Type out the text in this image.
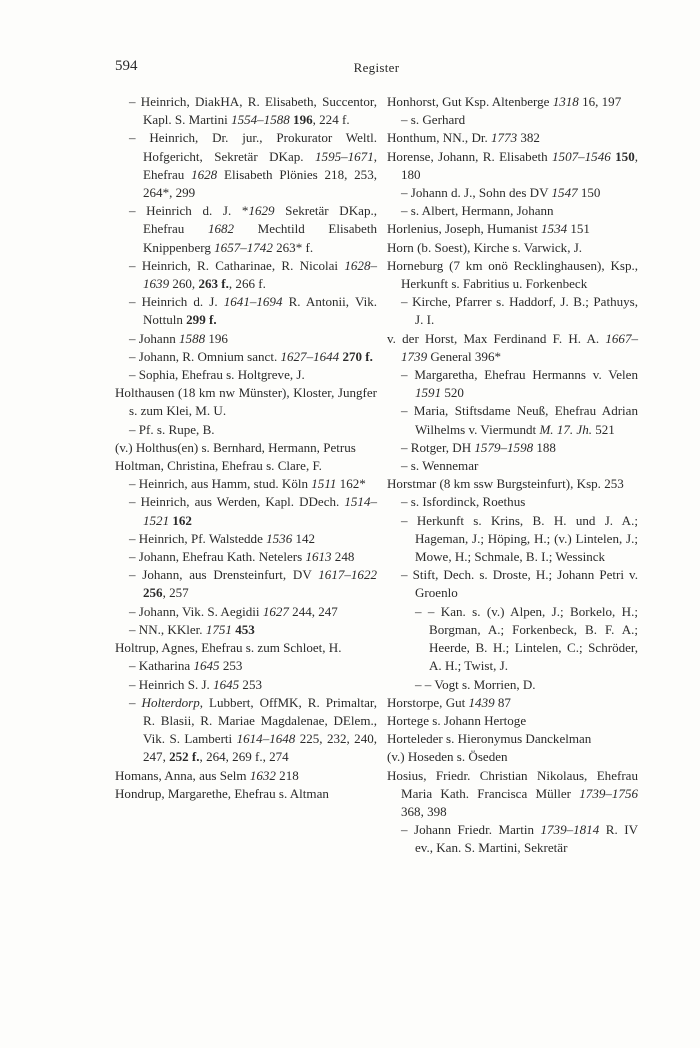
594	Register
– Heinrich, DiakHA, R. Elisabeth, Succentor, Kapl. S. Martini 1554–1588 196, 224 f.
– Heinrich, Dr. jur., Prokurator Weltl. Hofgericht, Sekretär DKap. 1595–1671, Ehefrau 1628 Elisabeth Plönies 218, 253, 264*, 299
– Heinrich d. J. *1629 Sekretär DKap., Ehefrau 1682 Mechtild Elisabeth Knippenberg 1657–1742 263* f.
– Heinrich, R. Catharinae, R. Nicolai 1628–1639 260, 263 f., 266 f.
– Heinrich d. J. 1641–1694 R. Antonii, Vik. Nottuln 299 f.
– Johann 1588 196
– Johann, R. Omnium sanct. 1627–1644 270 f.
– Sophia, Ehefrau s. Holtgreve, J.
Holthausen (18 km nw Münster), Kloster, Jungfer s. zum Klei, M. U.
– Pf. s. Rupe, B.
(v.) Holthus(en) s. Bernhard, Hermann, Petrus
Holtman, Christina, Ehefrau s. Clare, F.
– Heinrich, aus Hamm, stud. Köln 1511 162*
– Heinrich, aus Werden, Kapl. DDech. 1514–1521 162
– Heinrich, Pf. Walstedde 1536 142
– Johann, Ehefrau Kath. Netelers 1613 248
– Johann, aus Drensteinfurt, DV 1617–1622 256, 257
– Johann, Vik. S. Aegidii 1627 244, 247
– NN., KKler. 1751 453
Holtrup, Agnes, Ehefrau s. zum Schloet, H.
– Katharina 1645 253
– Heinrich S. J. 1645 253
– Holterdorp, Lubbert, OffMK, R. Primaltar, R. Blasii, R. Mariae Magdalenae, DElem., Vik. S. Lamberti 1614–1648 225, 232, 240, 247, 252 f., 264, 269 f., 274
Homans, Anna, aus Selm 1632 218
Hondrup, Margarethe, Ehefrau s. Altman
Honhorst, Gut Ksp. Altenberge 1318 16, 197
– s. Gerhard
Honthum, NN., Dr. 1773 382
Horense, Johann, R. Elisabeth 1507–1546 150, 180
– Johann d. J., Sohn des DV 1547 150
– s. Albert, Hermann, Johann
Horlenius, Joseph, Humanist 1534 151
Horn (b. Soest), Kirche s. Varwick, J.
Horneburg (7 km onö Recklinghausen), Ksp., Herkunft s. Fabritius u. Forkenbeck
– Kirche, Pfarrer s. Haddorf, J. B.; Pathuys, J. I.
v. der Horst, Max Ferdinand F. H. A. 1667–1739 General 396*
– Margaretha, Ehefrau Hermanns v. Velen 1591 520
– Maria, Stiftsdame Neuß, Ehefrau Adrian Wilhelms v. Viermundt M. 17. Jh. 521
– Rotger, DH 1579–1598 188
– s. Wennemar
Horstmar (8 km ssw Burgsteinfurt), Ksp. 253
– s. Isfordinck, Roethus
– Herkunft s. Krins, B. H. und J. A.; Hageman, J.; Höping, H.; (v.) Lintelen, J.; Mowe, H.; Schmale, B. I.; Wessinck
– Stift, Dech. s. Droste, H.; Johann Petri v. Groenlo
– – Kan. s. (v.) Alpen, J.; Borkelo, H.; Borgman, A.; Forkenbeck, B. F. A.; Heerde, B. H.; Lintelen, C.; Schröder, A. H.; Twist, J.
– – Vogt s. Morrien, D.
Horstorpe, Gut 1439 87
Hortege s. Johann Hertoge
Horteleder s. Hieronymus Danckelman
(v.) Hoseden s. Öseden
Hosius, Friedr. Christian Nikolaus, Ehefrau Maria Kath. Francisca Müller 1739–1756 368, 398
– Johann Friedr. Martin 1739–1814 R. IV ev., Kan. S. Martini, Sekretär
